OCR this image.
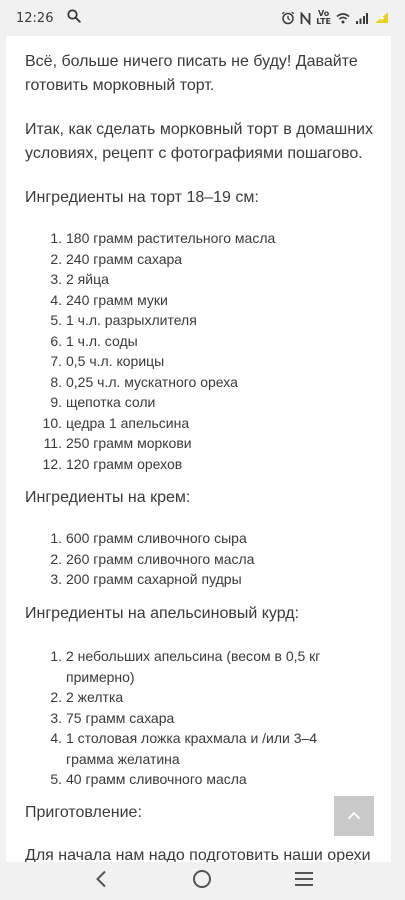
12:26	Vo
LTE

Всё, больше ничего писать не буду! Давайте готовить морковный торт.

Итак, как сделать морковный торт в домашних условиях, рецепт с фотографиями пошагово.

Ингредиенты на торт 18–19 см:

1. 180 грамм растительного масла
2. 240 грамм сахара
3. 2 яйца
4. 240 грамм муки
5. 1 ч.л. разрыхлителя
6. 1 ч.л. соды
7. 0,5 ч.л. корицы
8. 0,25 ч.л. мускатного ореха
9. щепотка соли
10. цедра 1 апельсина
11. 250 грамм моркови
12. 120 грамм орехов

Ингредиенты на крем:

1. 600 грамм сливочного сыра
2. 260 грамм сливочного масла
3. 200 грамм сахарной пудры

Ингредиенты на апельсиновый курд:

1. 2 небольших апельсина (весом в 0,5 кг примерно)
2. 2 желтка
3. 75 грамм сахара
4. 1 столовая ложка крахмала и /или 3–4 грамма желатина
5. 40 грамм сливочного масла

Приготовление:

Для начала нам надо подготовить наши орехи
